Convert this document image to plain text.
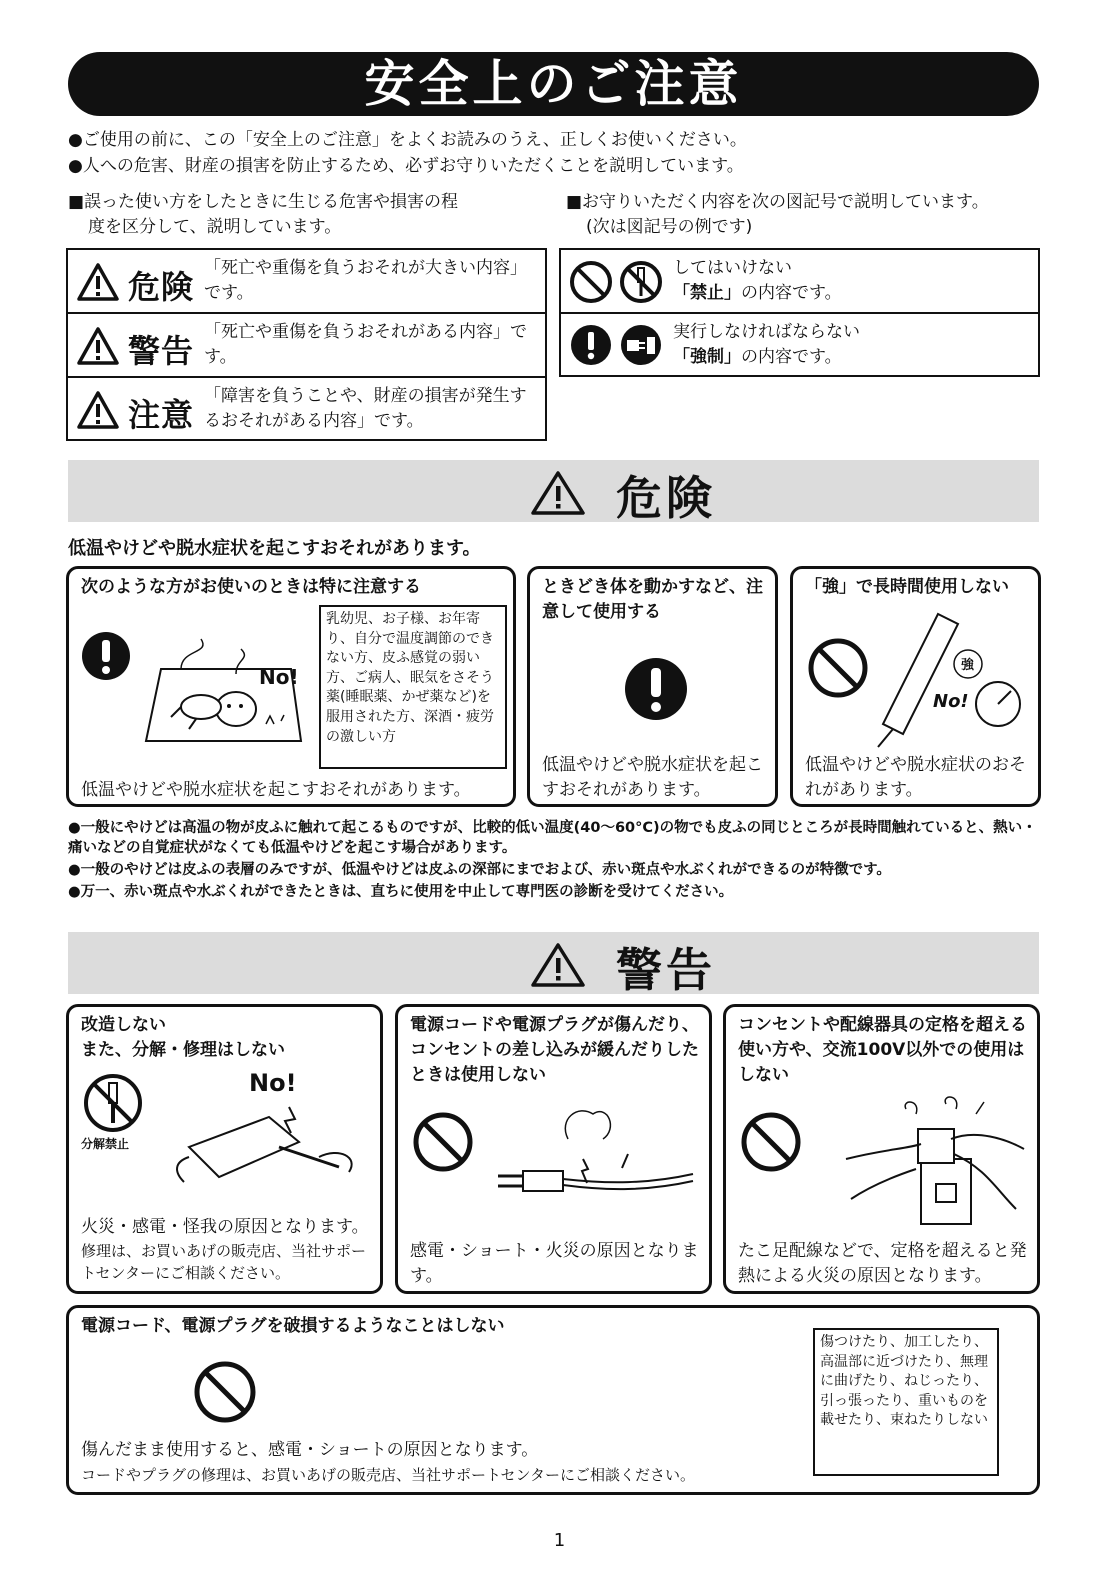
安全上のご注意
●ご使用の前に、この「安全上のご注意」をよくお読みのうえ、正しくお使いください。
●人への危害、財産の損害を防止するため、必ずお守りいただくことを説明しています。
■誤った使い方をしたときに生じる危害や損害の程
度を区分して、説明しています。
危険 「死亡や重傷を負うおそれが大きい内容」です。
警告 「死亡や重傷を負うおそれがある内容」です。
注意 「障害を負うことや、財産の損害が発生するおそれがある内容」です。
■お守りいただく内容を次の図記号で説明しています。
(次は図記号の例です)
してはいけない
「禁止」の内容です。
実行しなければならない
「強制」の内容です。
危険
低温やけどや脱水症状を起こすおそれがあります。
次のような方がお使いのときは特に注意する
No!
乳幼児、お子様、お年寄り、自分で温度調節のできない方、皮ふ感覚の弱い方、ご病人、眠気をさそう薬(睡眠薬、かぜ薬など)を服用された方、深酒・疲労の激しい方
低温やけどや脱水症状を起こすおそれがあります。
ときどき体を動かすなど、注意して使用する
低温やけどや脱水症状を起こすおそれがあります。
「強」で長時間使用しない
強
No!
低温やけどや脱水症状のおそれがあります。
●一般にやけどは高温の物が皮ふに触れて起こるものですが、比較的低い温度(40〜60°C)の物でも皮ふの同じところが長時間触れていると、熱い・痛いなどの自覚症状がなくても低温やけどを起こす場合があります。
●一般のやけどは皮ふの表層のみですが、低温やけどは皮ふの深部にまでおよび、赤い斑点や水ぶくれができるのが特徴です。
●万一、赤い斑点や水ぶくれができたときは、直ちに使用を中止して専門医の診断を受けてください。
警告
改造しない
また、分解・修理はしない
分解禁止
No!
火災・感電・怪我の原因となります。
修理は、お買いあげの販売店、当社サポートセンターにご相談ください。
電源コードや電源プラグが傷んだり、コンセントの差し込みが緩んだりしたときは使用しない
感電・ショート・火災の原因となります。
コンセントや配線器具の定格を超える使い方や、交流100V以外での使用はしない
たこ足配線などで、定格を超えると発熱による火災の原因となります。
電源コード、電源プラグを破損するようなことはしない
傷つけたり、加工したり、高温部に近づけたり、無理に曲げたり、ねじったり、引っ張ったり、重いものを載せたり、束ねたりしない
傷んだまま使用すると、感電・ショートの原因となります。
コードやプラグの修理は、お買いあげの販売店、当社サポートセンターにご相談ください。
1
